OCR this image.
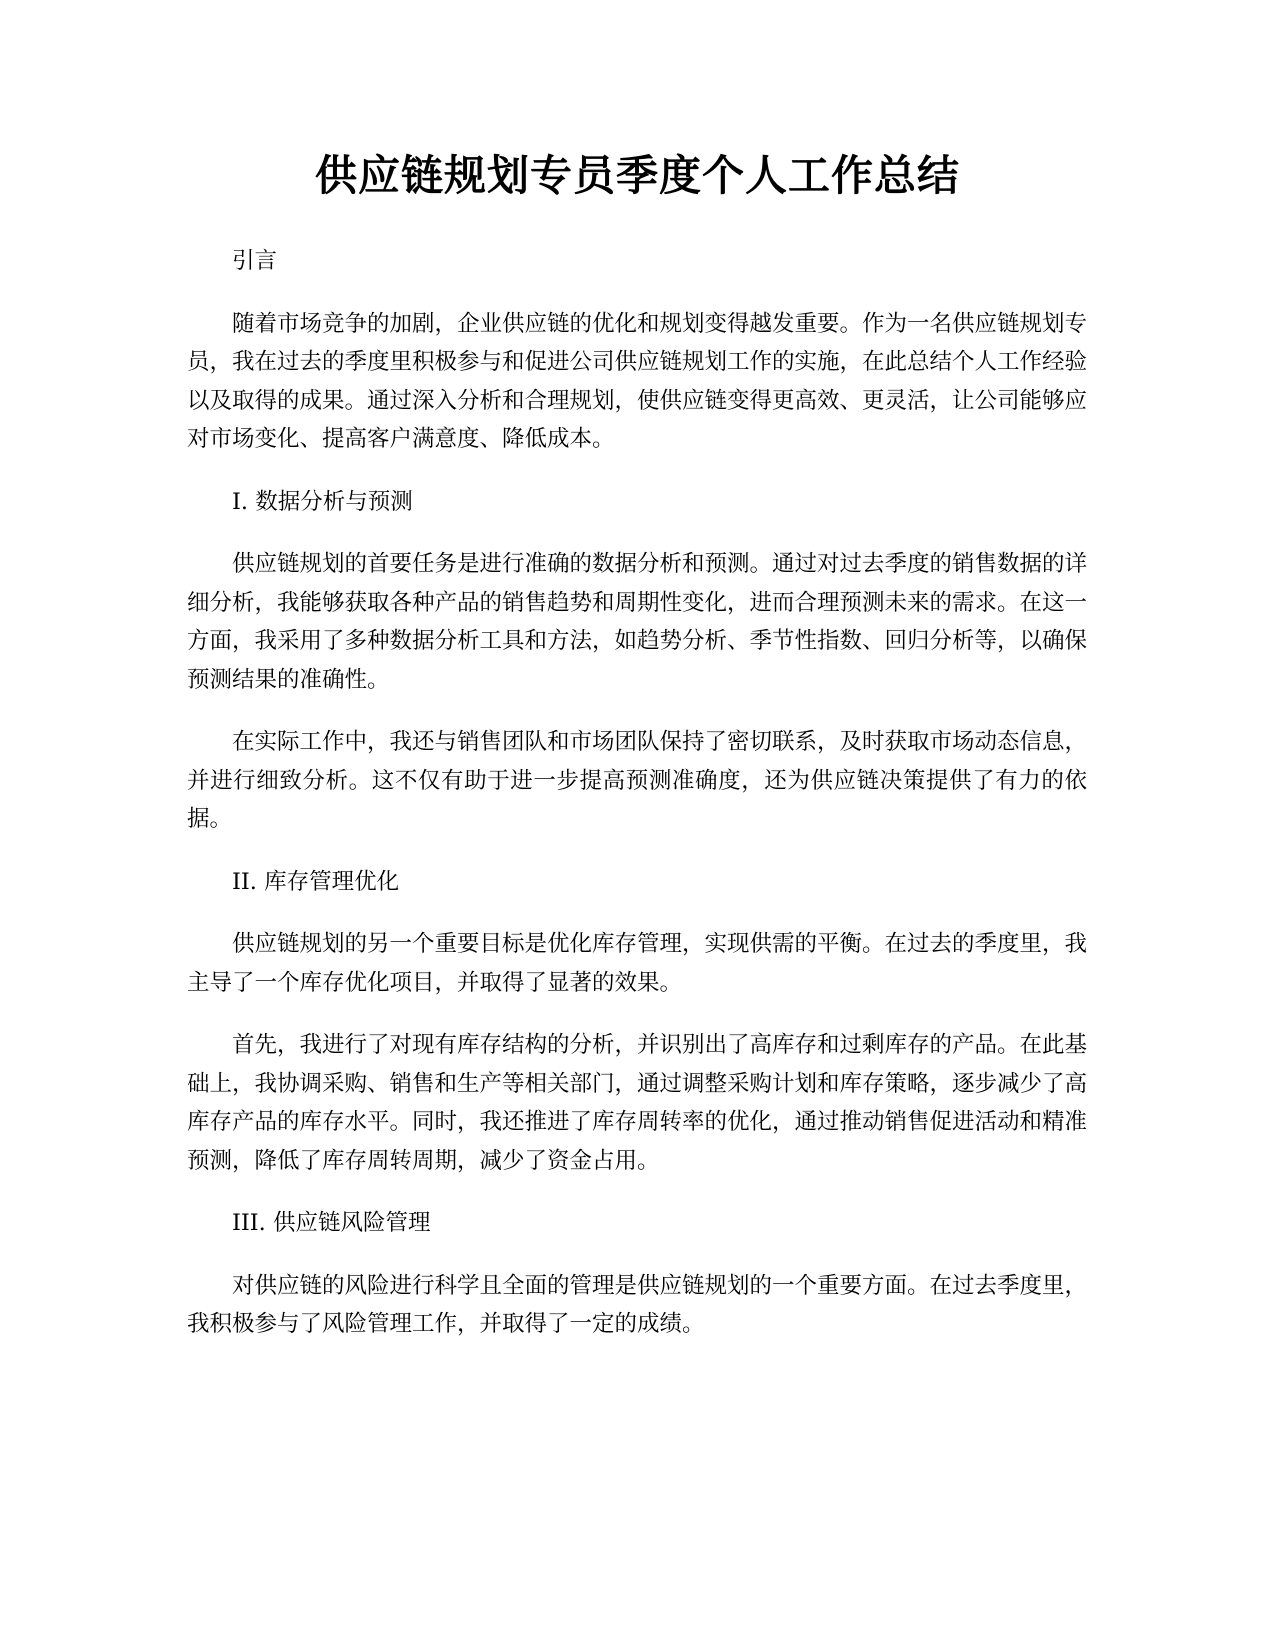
供应链规划专员季度个人工作总结
引言

随着市场竞争的加剧，企业供应链的优化和规划变得越发重要。作为一名供应链规划专员，我在过去的季度里积极参与和促进公司供应链规划工作的实施，在此总结个人工作经验以及取得的成果。通过深入分析和合理规划，使供应链变得更高效、更灵活，让公司能够应对市场变化、提高客户满意度、降低成本。

I. 数据分析与预测

供应链规划的首要任务是进行准确的数据分析和预测。通过对过去季度的销售数据的详细分析，我能够获取各种产品的销售趋势和周期性变化，进而合理预测未来的需求。在这一方面，我采用了多种数据分析工具和方法，如趋势分析、季节性指数、回归分析等，以确保预测结果的准确性。

在实际工作中，我还与销售团队和市场团队保持了密切联系，及时获取市场动态信息，并进行细致分析。这不仅有助于进一步提高预测准确度，还为供应链决策提供了有力的依据。

II. 库存管理优化

供应链规划的另一个重要目标是优化库存管理，实现供需的平衡。在过去的季度里，我主导了一个库存优化项目，并取得了显著的效果。

首先，我进行了对现有库存结构的分析，并识别出了高库存和过剩库存的产品。在此基础上，我协调采购、销售和生产等相关部门，通过调整采购计划和库存策略，逐步减少了高库存产品的库存水平。同时，我还推进了库存周转率的优化，通过推动销售促进活动和精准预测，降低了库存周转周期，减少了资金占用。

III. 供应链风险管理

对供应链的风险进行科学且全面的管理是供应链规划的一个重要方面。在过去季度里，我积极参与了风险管理工作，并取得了一定的成绩。
